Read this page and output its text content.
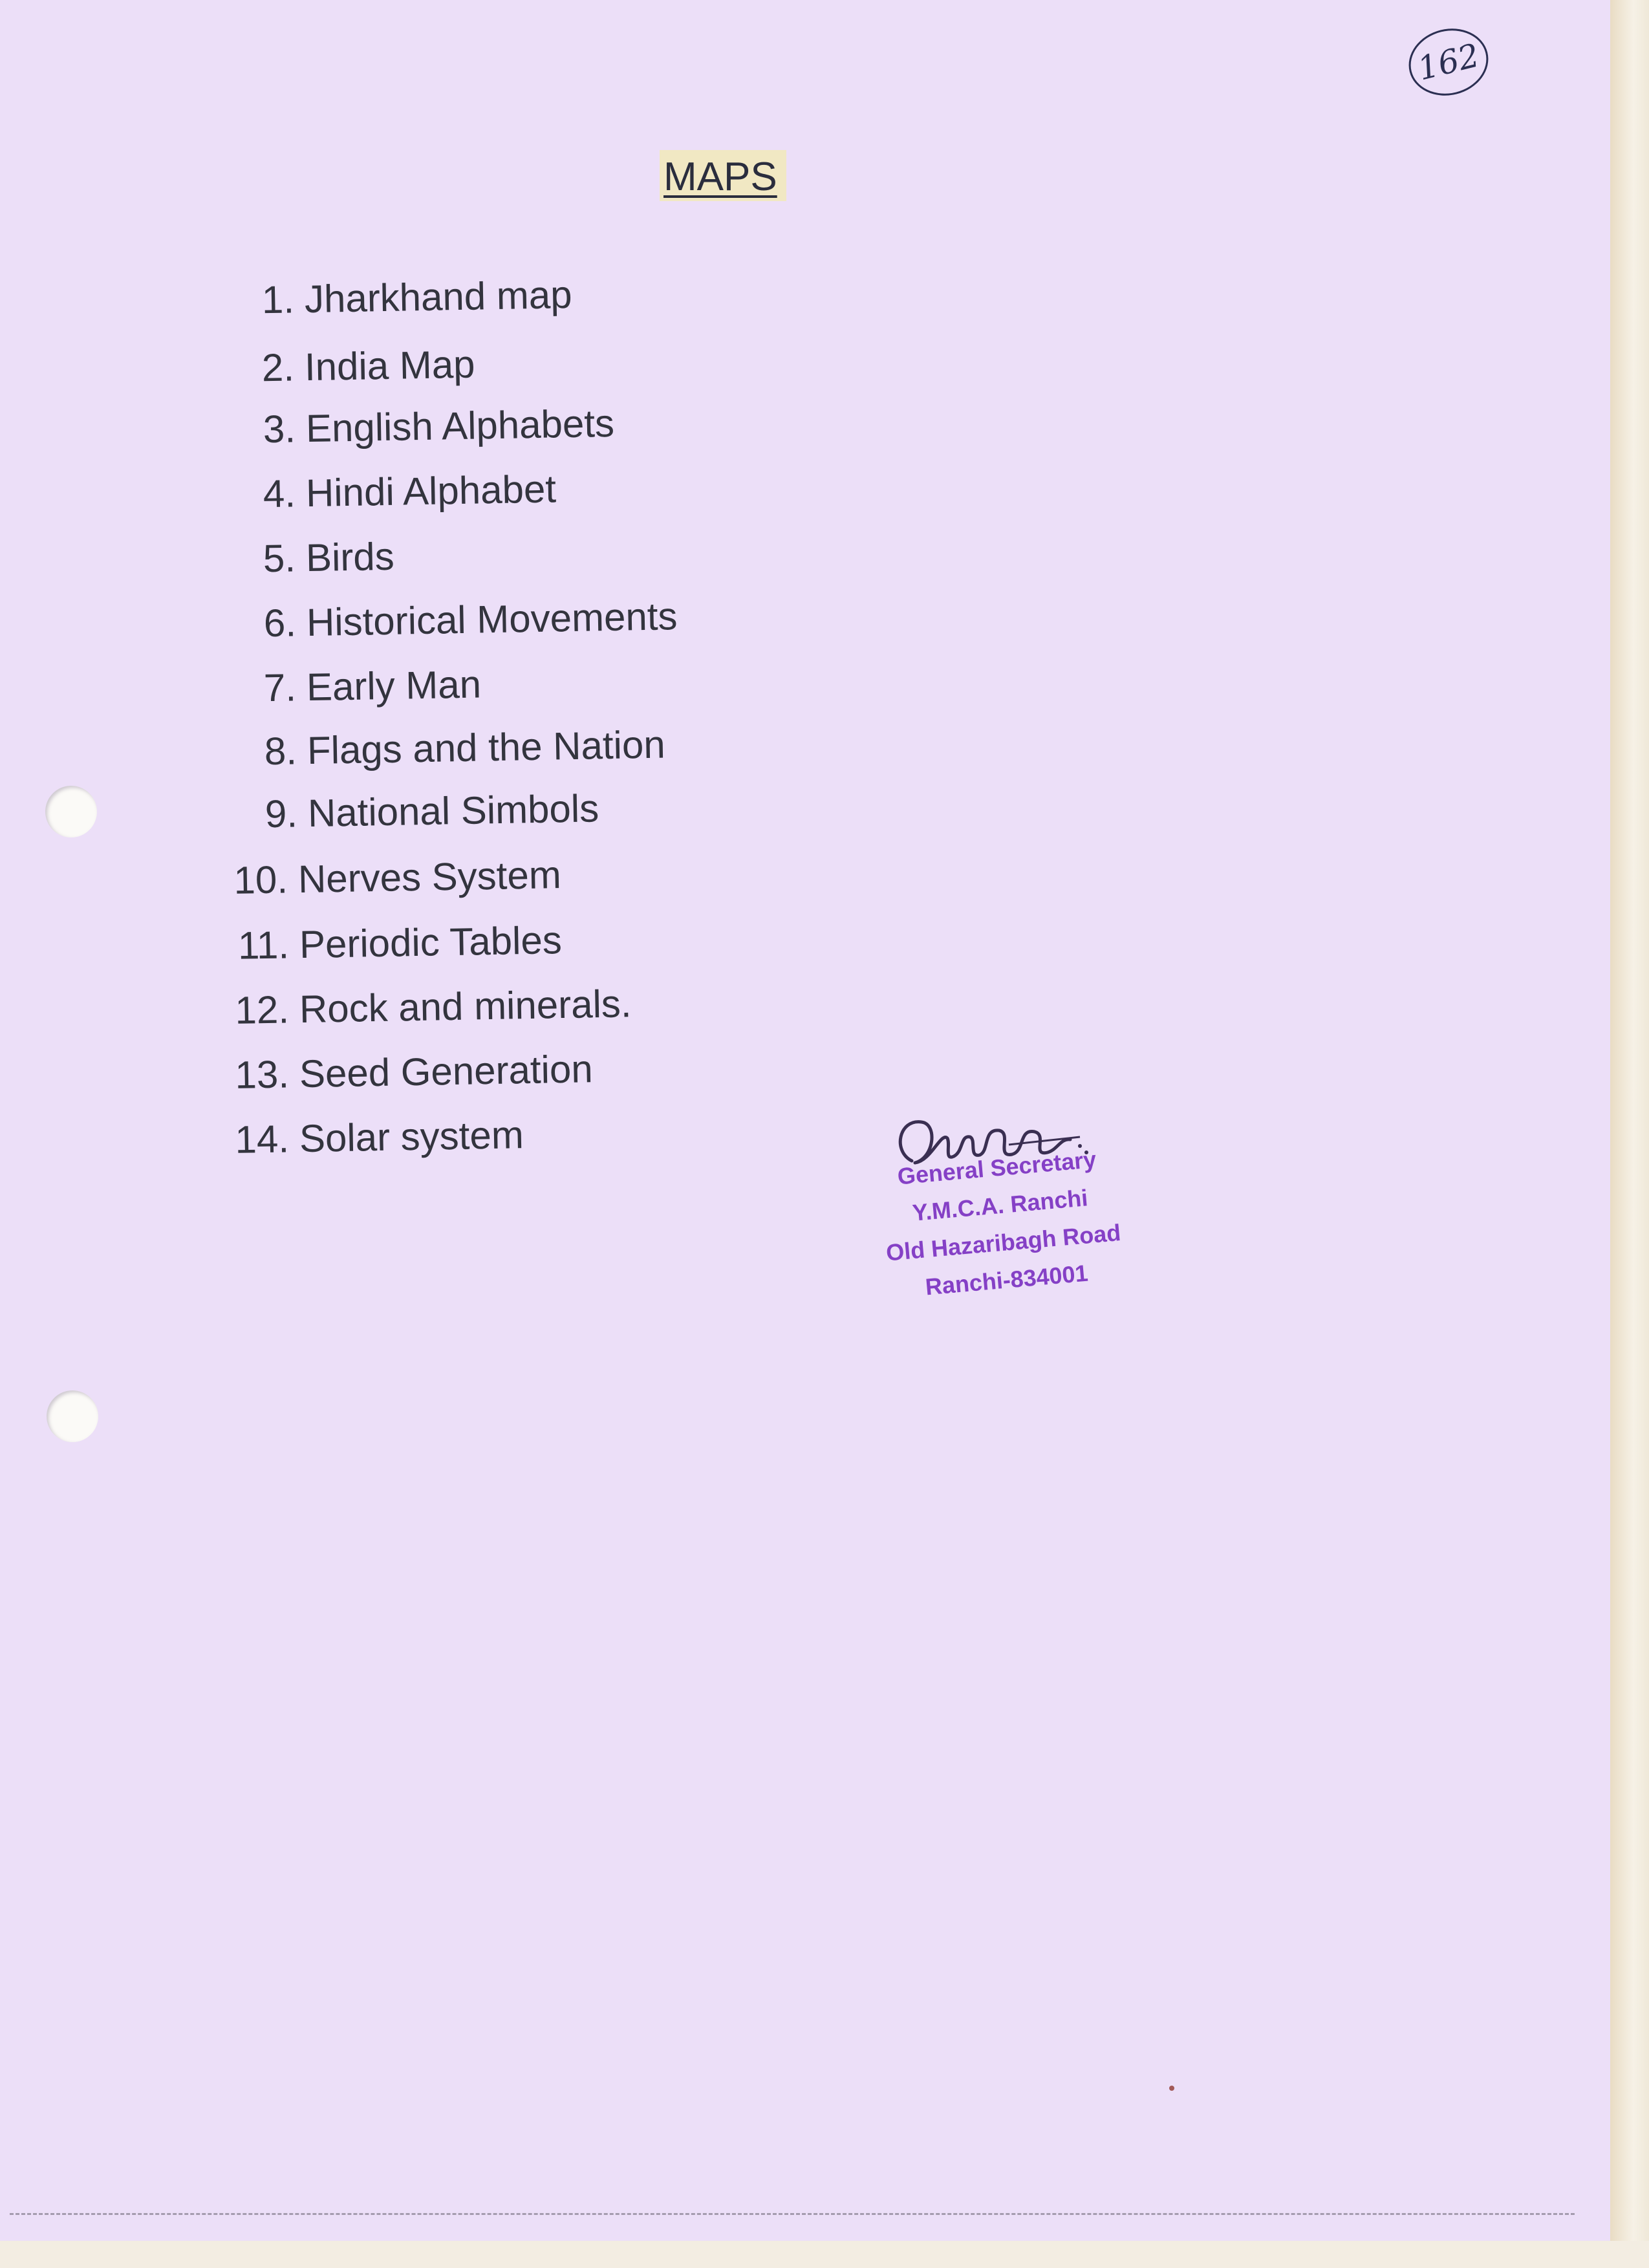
162
MAPS
1. Jharkhand map
2. India Map
3. English Alphabets
4. Hindi Alphabet
5. Birds
6. Historical Movements
7. Early Man
8. Flags and the Nation
9. National Simbols
10. Nerves System
11. Periodic Tables
12. Rock and minerals.
13. Seed Generation
14. Solar system
General Secretary
Y.M.C.A. Ranchi
Old Hazaribagh Road
Ranchi-834001
